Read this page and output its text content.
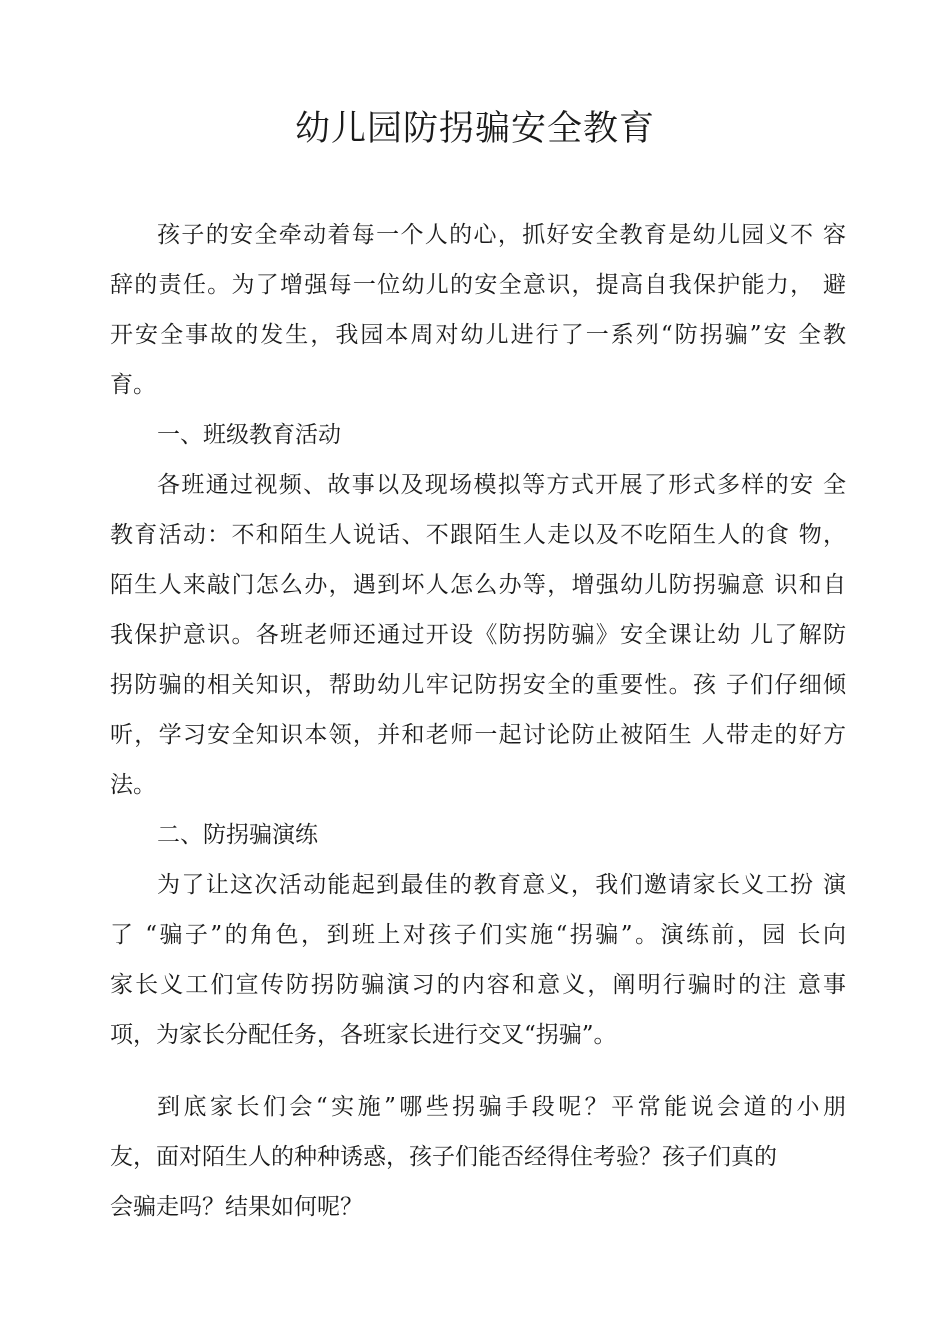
幼儿园防拐骗安全教育
孩子的安全牵动着每一个人的心，抓好安全教育是幼儿园义不 容
辞的责任。为了增强每一位幼儿的安全意识，提高自我保护能力， 避
开安全事故的发生，我园本周对幼儿进行了一系列“防拐骗”安 全教
育。
一、班级教育活动
各班通过视频、故事以及现场模拟等方式开展了形式多样的安 全
教育活动：不和陌生人说话、不跟陌生人走以及不吃陌生人的食 物，
陌生人来敲门怎么办，遇到坏人怎么办等，增强幼儿防拐骗意 识和自
我保护意识。各班老师还通过开设《防拐防骗》安全课让幼 儿了解防
拐防骗的相关知识，帮助幼儿牢记防拐安全的重要性。孩 子们仔细倾
听，学习安全知识本领，并和老师一起讨论防止被陌生 人带走的好方
法。
二、防拐骗演练
为了让这次活动能起到最佳的教育意义，我们邀请家长义工扮 演
了 “骗子”的角色，到班上对孩子们实施“拐骗”。演练前，园 长向
家长义工们宣传防拐防骗演习的内容和意义，阐明行骗时的注 意事
项，为家长分配任务，各班家长进行交叉“拐骗”。
到底家长们会“实施”哪些拐骗手段呢？平常能说会道的小朋
友，面对陌生人的种种诱惑，孩子们能否经得住考验？孩子们真的
会骗走吗？结果如何呢？
